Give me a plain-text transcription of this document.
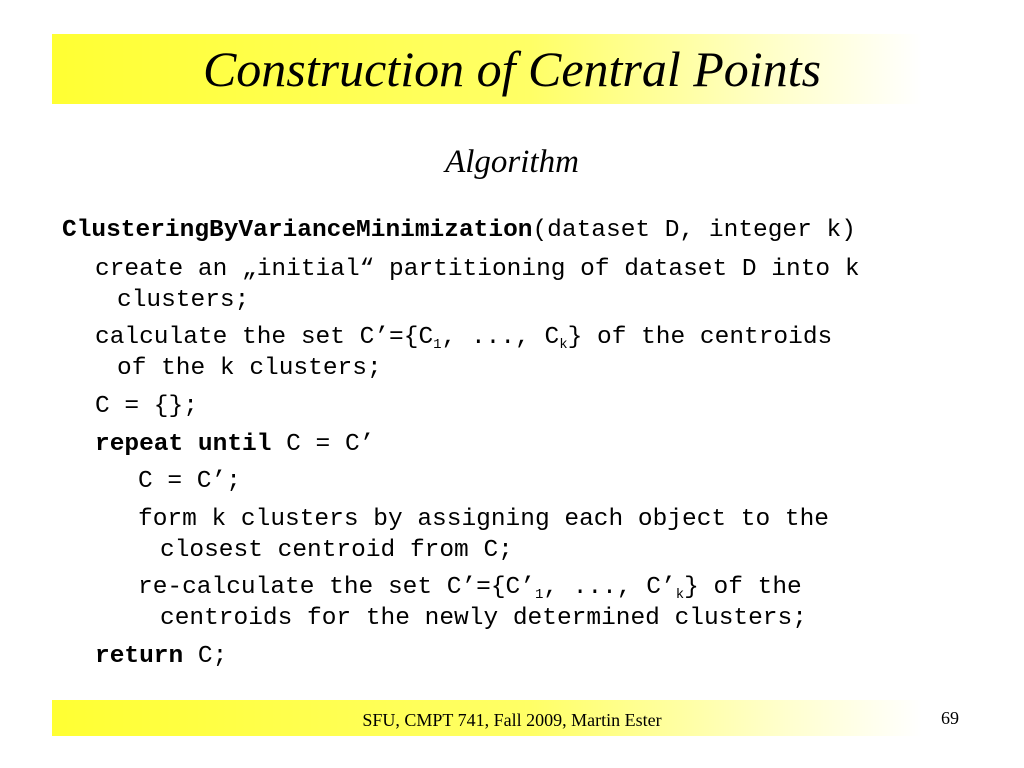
Construction of Central Points
Algorithm
ClusteringByVarianceMinimization(dataset D, integer k)
create an „initial“ partitioning of dataset D into k
clusters;
calculate the set $C’=\{C_1$, ..., $C_k$} of the centroids
of the k clusters;
C = {};
repeat until C = C’
C = C’;
form k clusters by assigning each object to the
closest centroid from C;
re-calculate the set $C’=\{C’_1$, ..., $C’_k$} of the
centroids for the newly determined clusters;
return C;
SFU, CMPT 741, Fall 2009, Martin Ester	69
